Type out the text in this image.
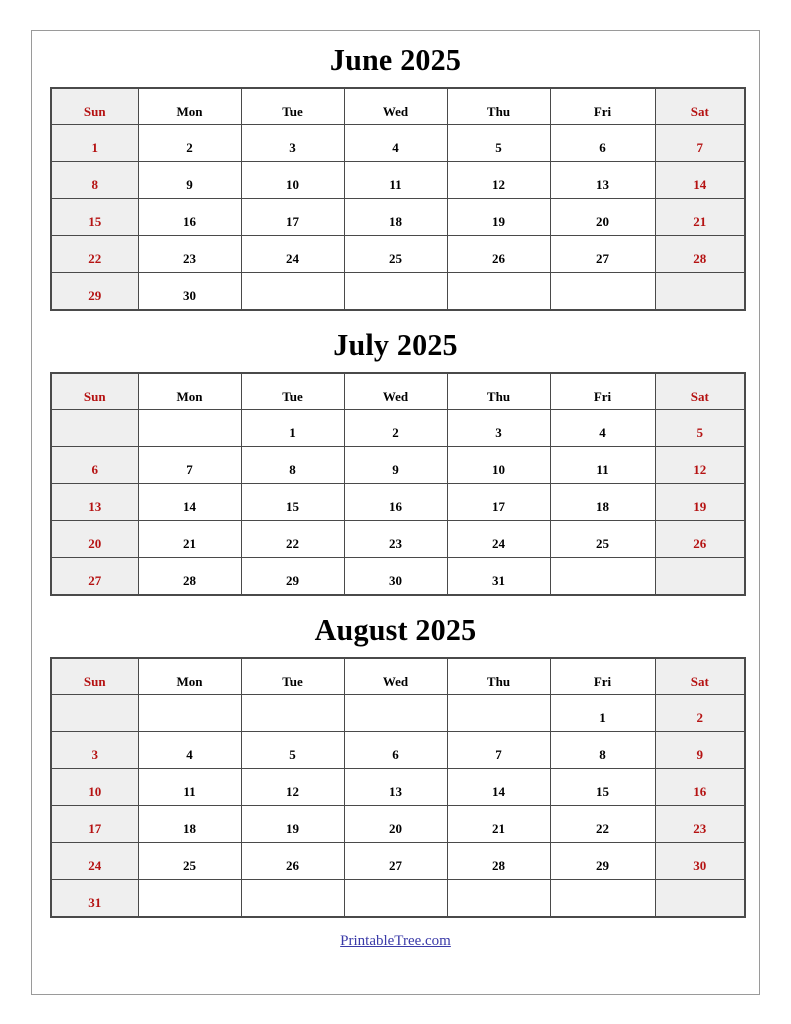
June 2025
Sun	Mon	Tue	Wed	Thu	Fri	Sat

1	2	3	4	5	6	7

8	9	10	11	12	13	14

15	16	17	18	19	20	21

22	23	24	25	26	27	28

29	30					

July 2025
Sun	Mon	Tue	Wed	Thu	Fri	Sat

		1	2	3	4	5

6	7	8	9	10	11	12

13	14	15	16	17	18	19

20	21	22	23	24	25	26

27	28	29	30	31		

August 2025
Sun	Mon	Tue	Wed	Thu	Fri	Sat

					1	2

3	4	5	6	7	8	9

10	11	12	13	14	15	16

17	18	19	20	21	22	23

24	25	26	27	28	29	30

31						

PrintableTree.com
